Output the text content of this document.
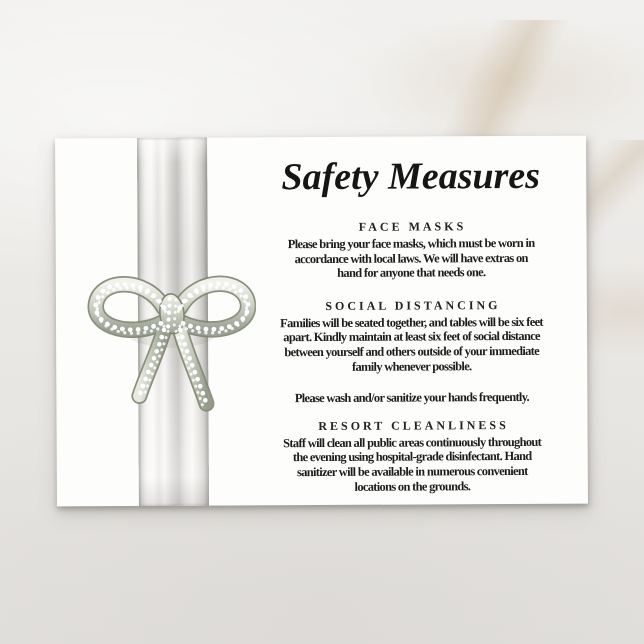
Safety Measures
FACE MASKS

Please bring your face masks, which must be worn in
accordance with local laws. We will have extras on
hand for anyone that needs one.

SOCIAL DISTANCING

Families will be seated together, and tables will be six feet
apart. Kindly maintain at least six feet of social distance
between yourself and others outside of your immediate
family whenever possible.

Please wash and/or sanitize your hands frequently.

RESORT CLEANLINESS

Staff will clean all public areas continuously throughout
the evening using hospital-grade disinfectant. Hand
sanitizer will be available in numerous convenient
locations on the grounds.
